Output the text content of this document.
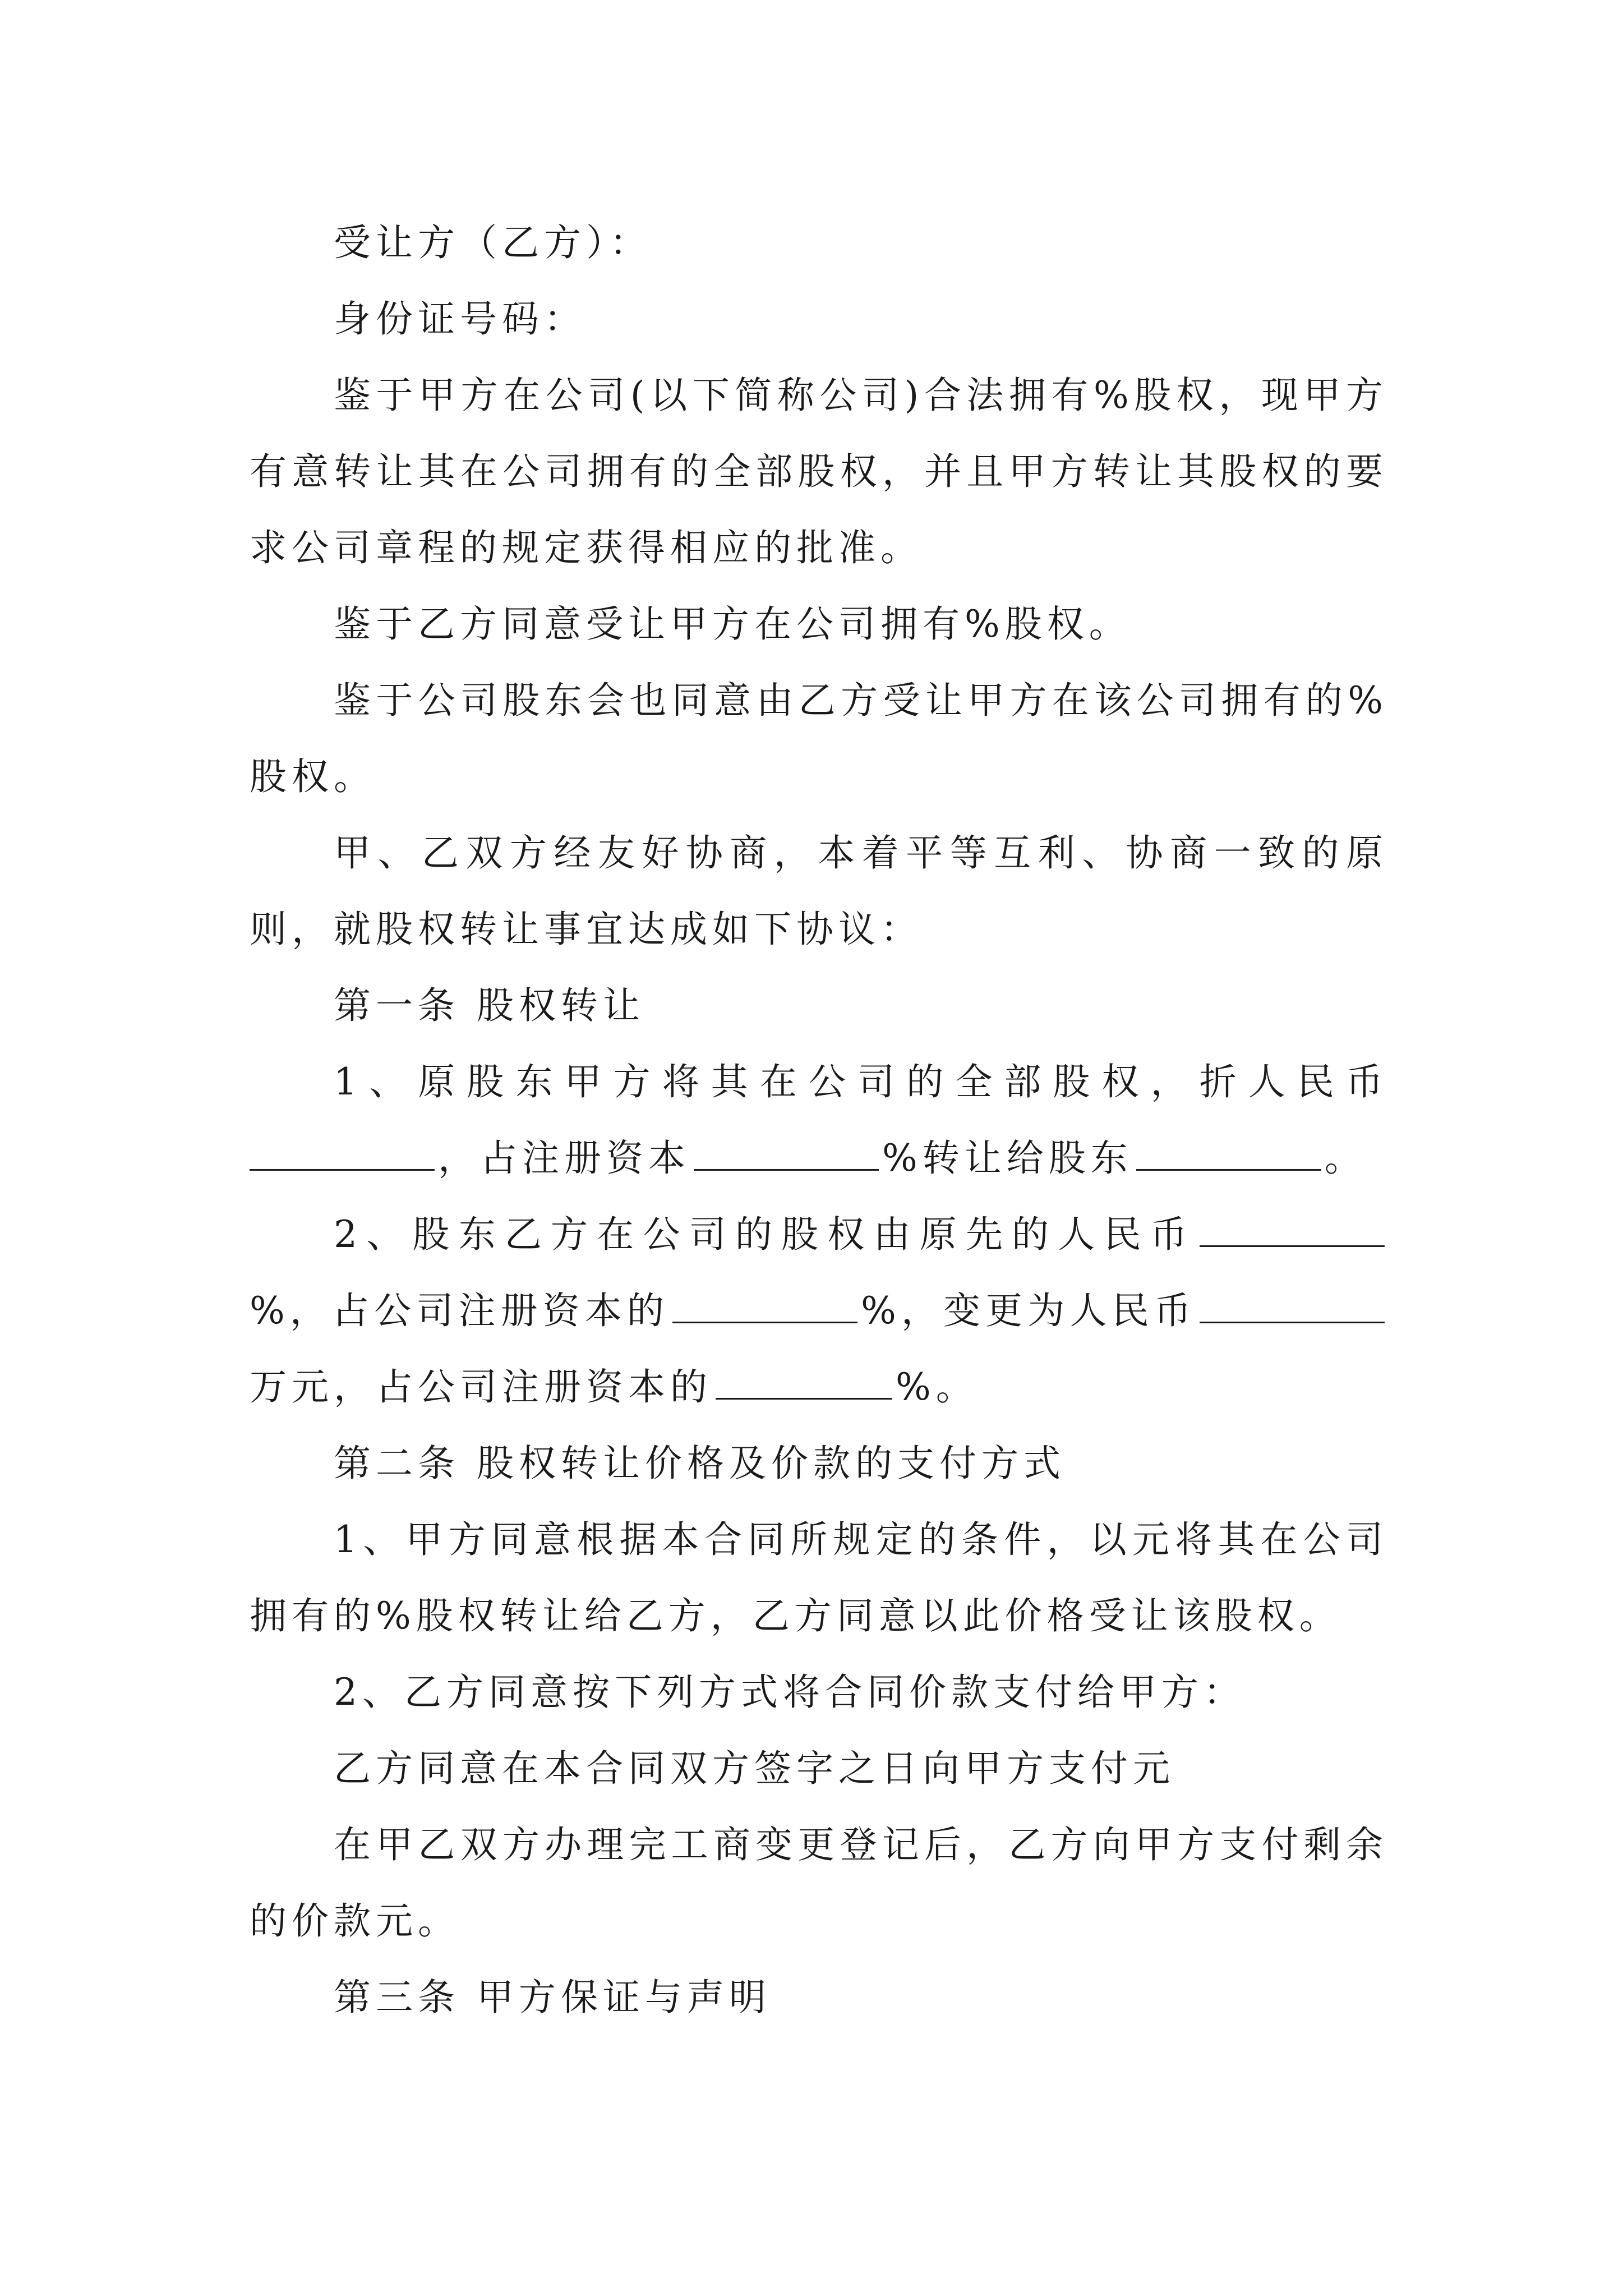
受让方（乙方）：

身份证号码：

鉴于甲方在公司(以下简称公司)合法拥有%股权，现甲方有意转让其在公司拥有的全部股权，并且甲方转让其股权的要求公司章程的规定获得相应的批准。

鉴于乙方同意受让甲方在公司拥有%股权。

鉴于公司股东会也同意由乙方受让甲方在该公司拥有的%股权。

甲、乙双方经友好协商，本着平等互利、协商一致的原则，就股权转让事宜达成如下协议：

第一条 股权转让

1、原股东甲方将其在公司的全部股权，折人民币，占注册资本	%转让给股东	。

2、股东乙方在公司的股权由原先的人民币%，占公司注册资本的	%，变更为人民币万元，占公司注册资本的	%。

第二条 股权转让价格及价款的支付方式

1、甲方同意根据本合同所规定的条件，以元将其在公司拥有的%股权转让给乙方，乙方同意以此价格受让该股权。

2、乙方同意按下列方式将合同价款支付给甲方：

乙方同意在本合同双方签字之日向甲方支付元

在甲乙双方办理完工商变更登记后，乙方向甲方支付剩余的价款元。

第三条 甲方保证与声明
